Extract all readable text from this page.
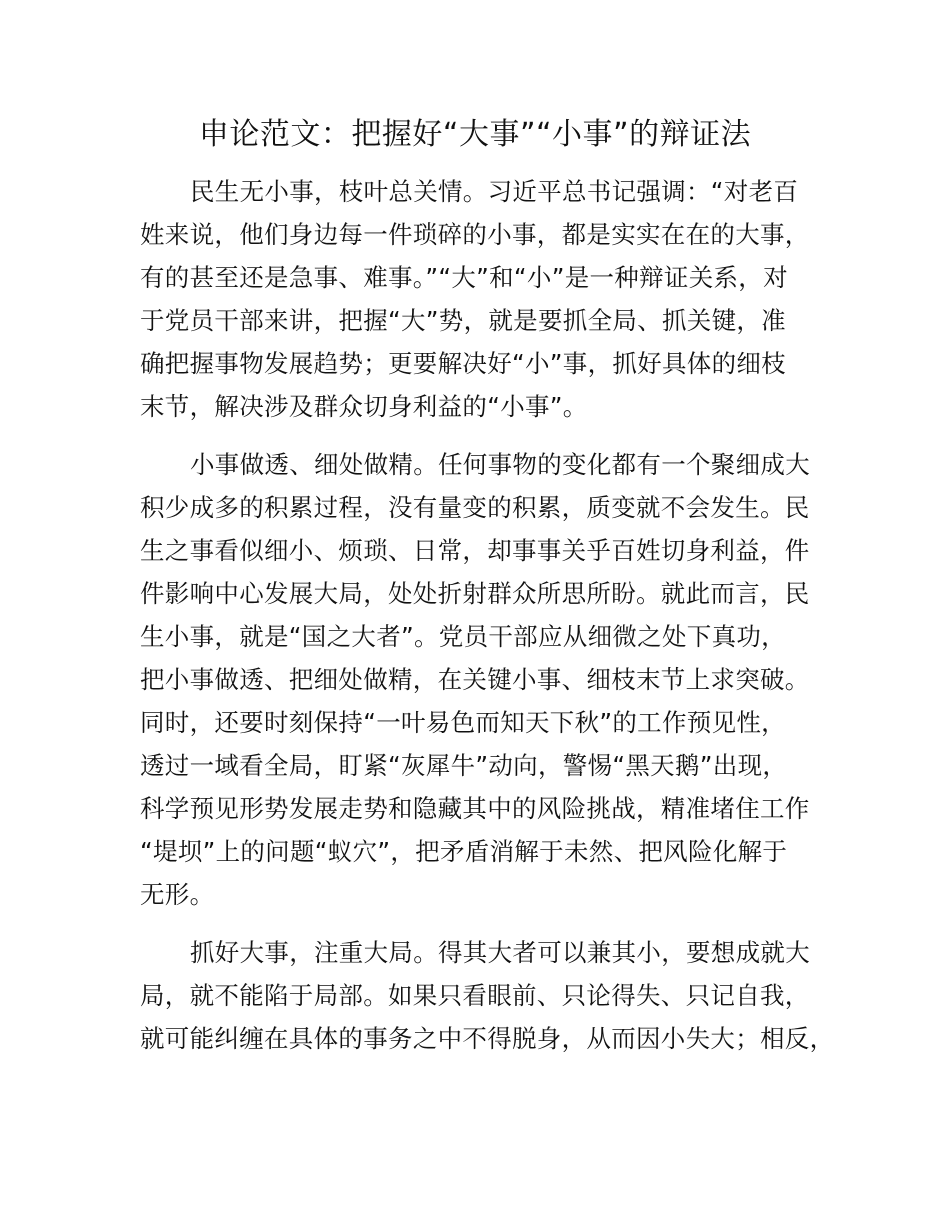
申论范文：把握好“大事”“小事”的辩证法
民生无小事，枝叶总关情。习近平总书记强调：“对老百
姓来说，他们身边每一件琐碎的小事，都是实实在在的大事，
有的甚至还是急事、难事。”“大”和“小”是一种辩证关系，对
于党员干部来讲，把握“大”势，就是要抓全局、抓关键，准
确把握事物发展趋势；更要解决好“小”事，抓好具体的细枝
末节，解决涉及群众切身利益的“小事”。
小事做透、细处做精。任何事物的变化都有一个聚细成大
积少成多的积累过程，没有量变的积累，质变就不会发生。民
生之事看似细小、烦琐、日常，却事事关乎百姓切身利益，件
件影响中心发展大局，处处折射群众所思所盼。就此而言，民
生小事，就是“国之大者”。党员干部应从细微之处下真功，
把小事做透、把细处做精，在关键小事、细枝末节上求突破。
同时，还要时刻保持“一叶易色而知天下秋”的工作预见性，
透过一域看全局，盯紧“灰犀牛”动向，警惕“黑天鹅”出现，
科学预见形势发展走势和隐藏其中的风险挑战，精准堵住工作
“堤坝”上的问题“蚁穴”，把矛盾消解于未然、把风险化解于
无形。
抓好大事，注重大局。得其大者可以兼其小，要想成就大
局，就不能陷于局部。如果只看眼前、只论得失、只记自我，
就可能纠缠在具体的事务之中不得脱身，从而因小失大；相反，
